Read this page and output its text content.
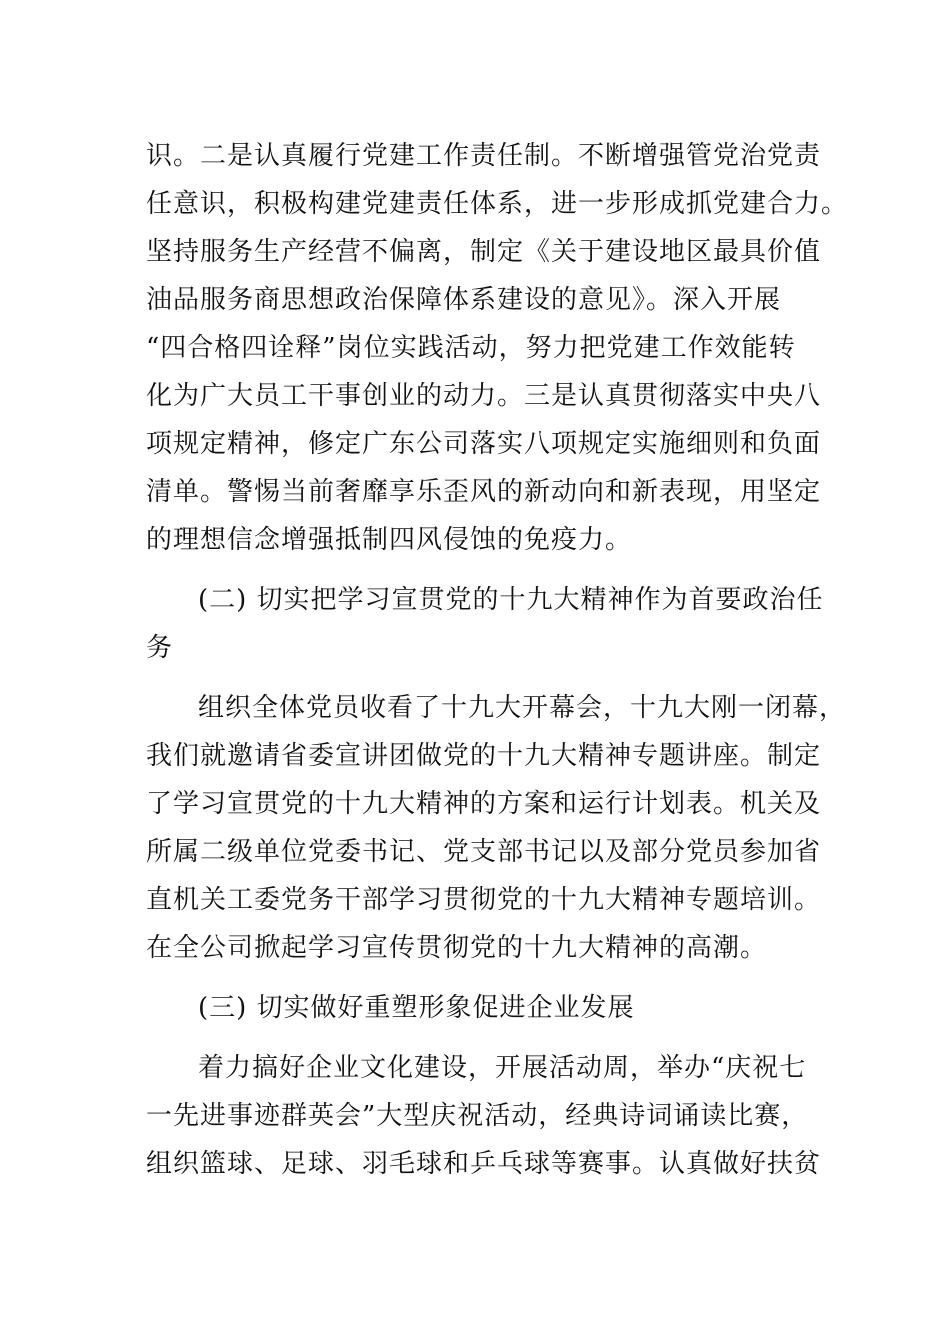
识。二是认真履行党建工作责任制。不断增强管党治党责
任意识，积极构建党建责任体系，进一步形成抓党建合力。
坚持服务生产经营不偏离，制定《关于建设地区最具价值
油品服务商思想政治保障体系建设的意见》。深入开展
“四合格四诠释”岗位实践活动，努力把党建工作效能转
化为广大员工干事创业的动力。三是认真贯彻落实中央八
项规定精神，修定广东公司落实八项规定实施细则和负面
清单。警惕当前奢靡享乐歪风的新动向和新表现，用坚定
的理想信念增强抵制四风侵蚀的免疫力。
(二) 切实把学习宣贯党的十九大精神作为首要政治任
务
组织全体党员收看了十九大开幕会，十九大刚一闭幕，
我们就邀请省委宣讲团做党的十九大精神专题讲座。制定
了学习宣贯党的十九大精神的方案和运行计划表。机关及
所属二级单位党委书记、党支部书记以及部分党员参加省
直机关工委党务干部学习贯彻党的十九大精神专题培训。
在全公司掀起学习宣传贯彻党的十九大精神的高潮。
(三) 切实做好重塑形象促进企业发展
着力搞好企业文化建设，开展活动周，举办“庆祝七
一先进事迹群英会”大型庆祝活动，经典诗词诵读比赛，
组织篮球、足球、羽毛球和乒乓球等赛事。认真做好扶贫
